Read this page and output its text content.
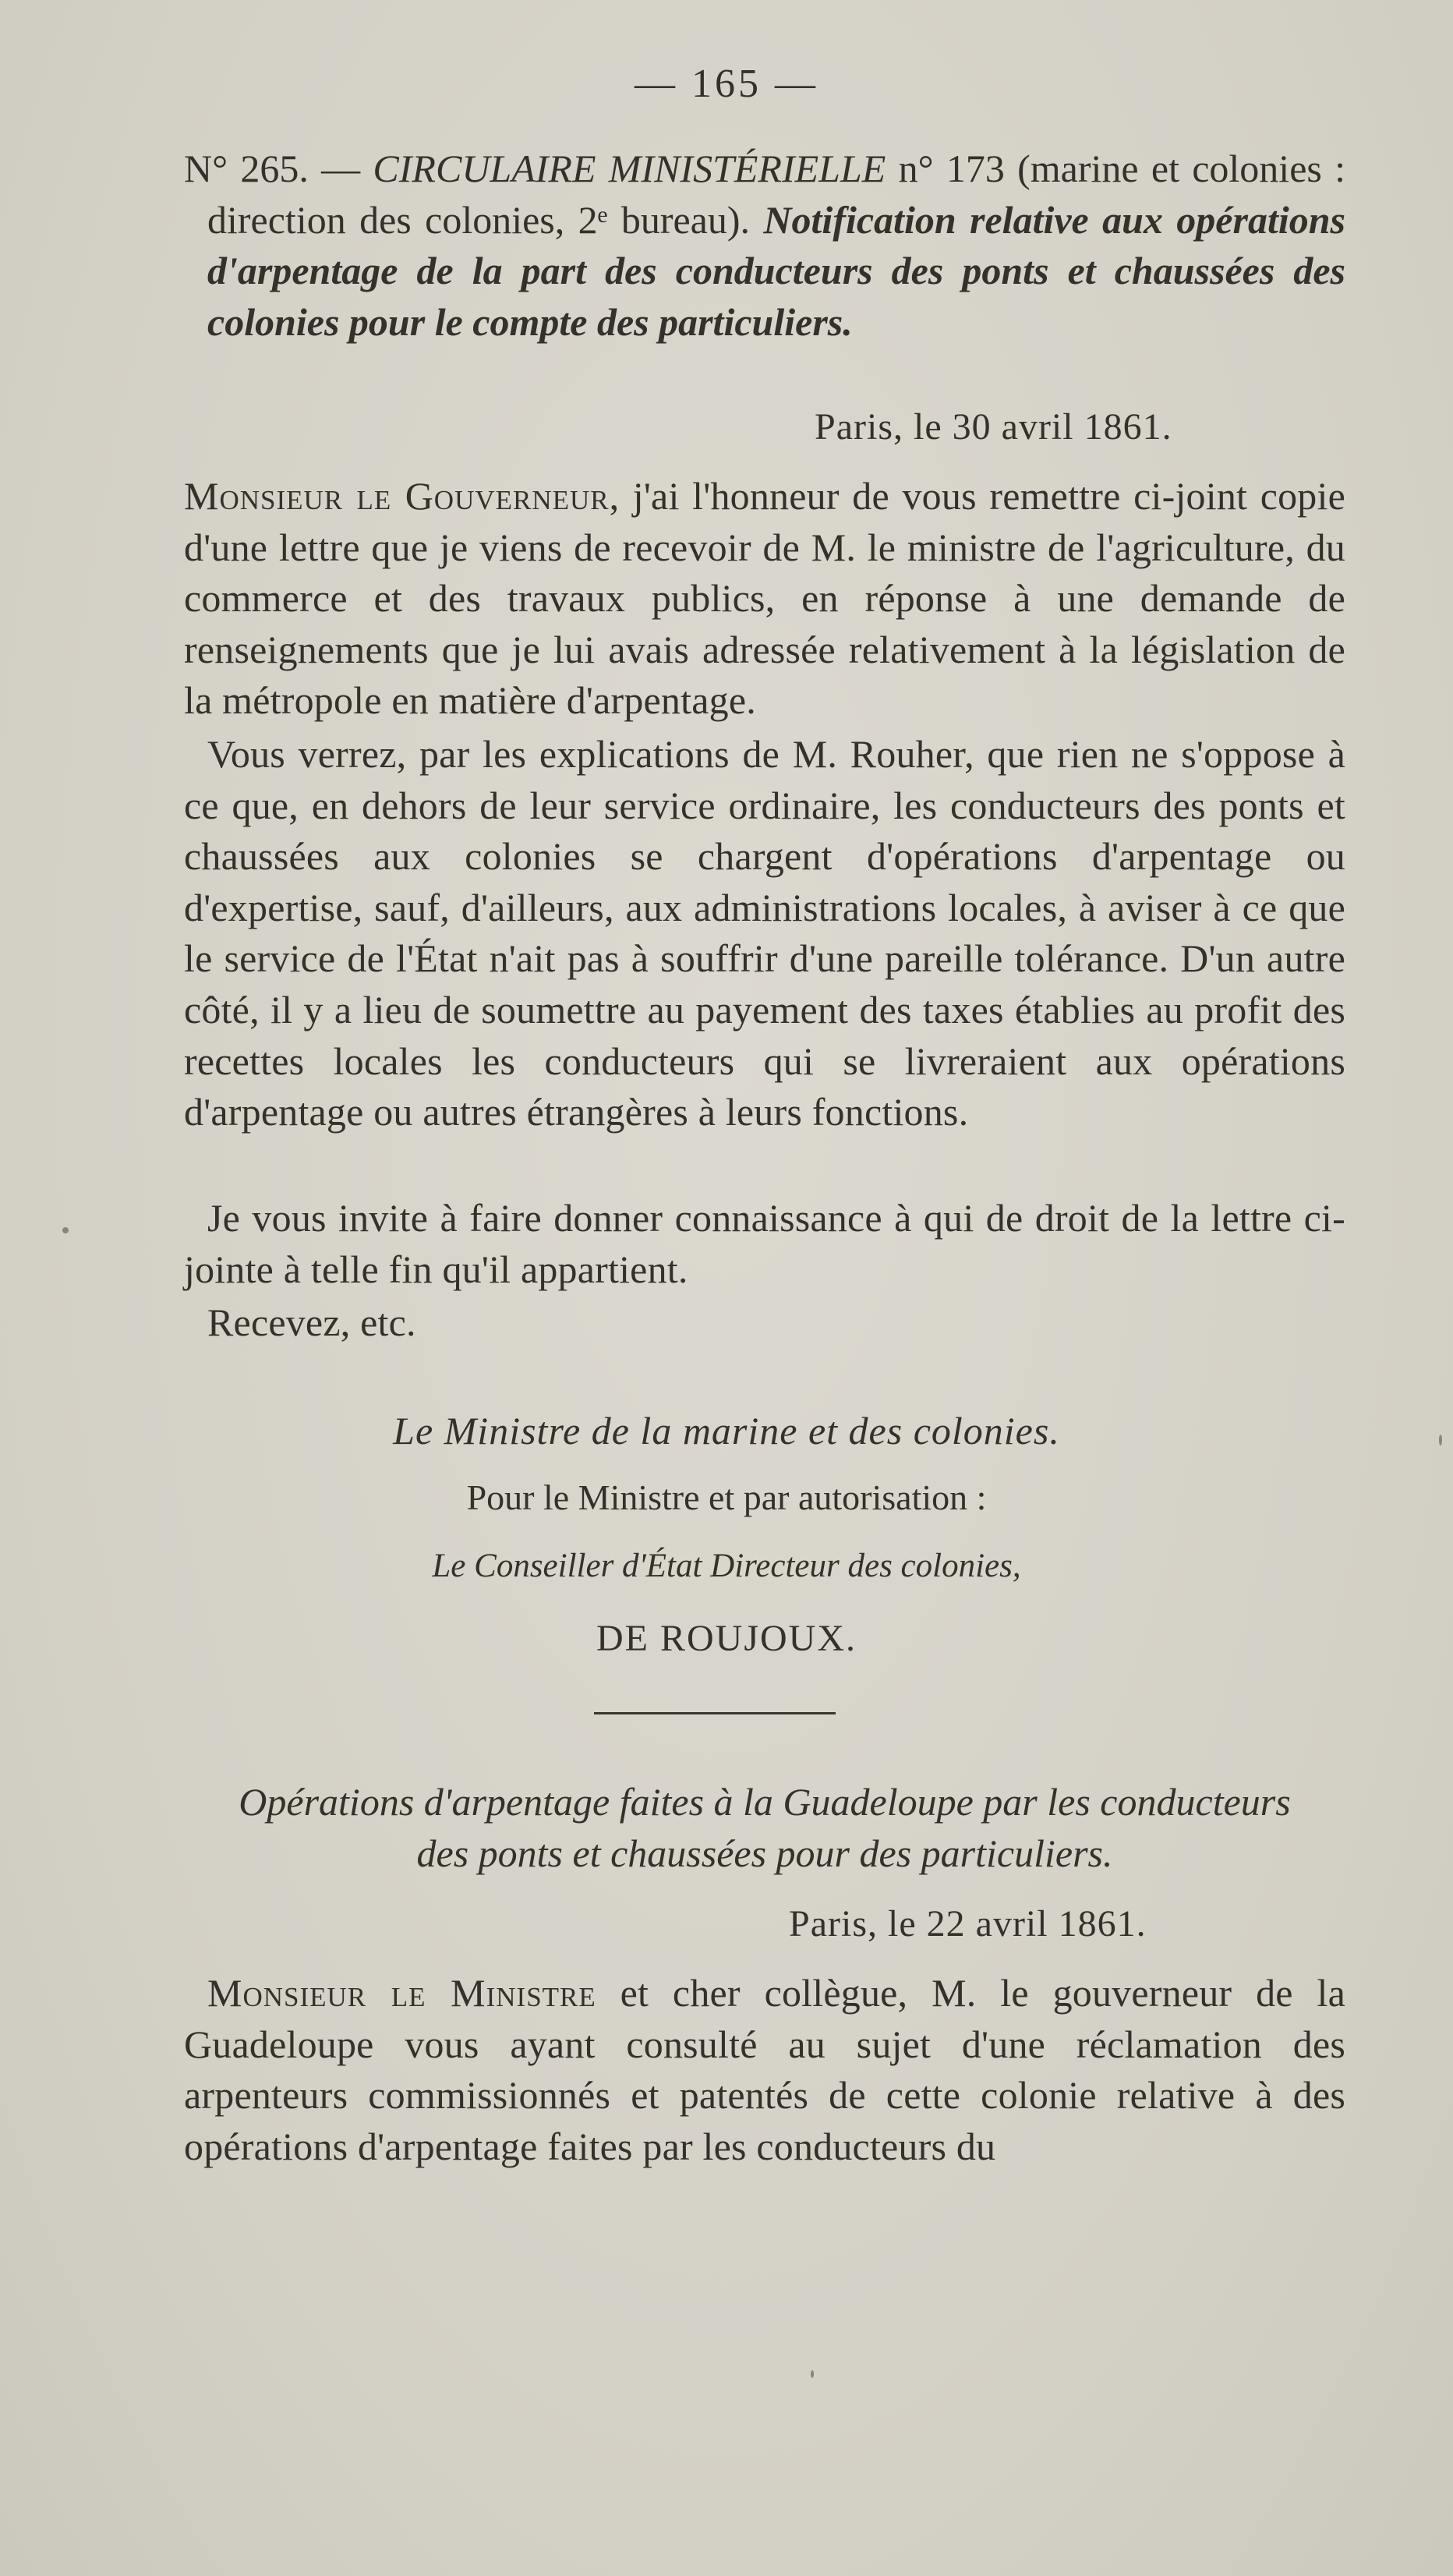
— 165 —

N° 265. — CIRCULAIRE MINISTÉRIELLE n° 173 (marine et colonies : direction des colonies, 2ᵉ bureau). Notification relative aux opérations d'arpentage de la part des conducteurs des ponts et chaussées des colonies pour le compte des particuliers.

Paris, le 30 avril 1861.

Monsieur le Gouverneur, j'ai l'honneur de vous remettre ci-joint copie d'une lettre que je viens de recevoir de M. le ministre de l'agriculture, du commerce et des travaux publics, en réponse à une demande de renseignements que je lui avais adressée relativement à la législation de la métropole en matière d'arpentage.

Vous verrez, par les explications de M. Rouher, que rien ne s'oppose à ce que, en dehors de leur service ordinaire, les conducteurs des ponts et chaussées aux colonies se chargent d'opérations d'arpentage ou d'expertise, sauf, d'ailleurs, aux administrations locales, à aviser à ce que le service de l'État n'ait pas à souffrir d'une pareille tolérance. D'un autre côté, il y a lieu de soumettre au payement des taxes établies au profit des recettes locales les conducteurs qui se livreraient aux opérations d'arpentage ou autres étrangères à leurs fonctions.

Je vous invite à faire donner connaissance à qui de droit de la lettre ci-jointe à telle fin qu'il appartient.

Recevez, etc.

Le Ministre de la marine et des colonies.
Pour le Ministre et par autorisation :
Le Conseiller d'État Directeur des colonies,
DE ROUJOUX.
Opérations d'arpentage faites à la Guadeloupe par les conducteurs
des ponts et chaussées pour des particuliers.
Paris, le 22 avril 1861.

Monsieur le Ministre et cher collègue, M. le gouverneur de la Guadeloupe vous ayant consulté au sujet d'une réclamation des arpenteurs commissionnés et patentés de cette colonie relative à des opérations d'arpentage faites par les conducteurs du
